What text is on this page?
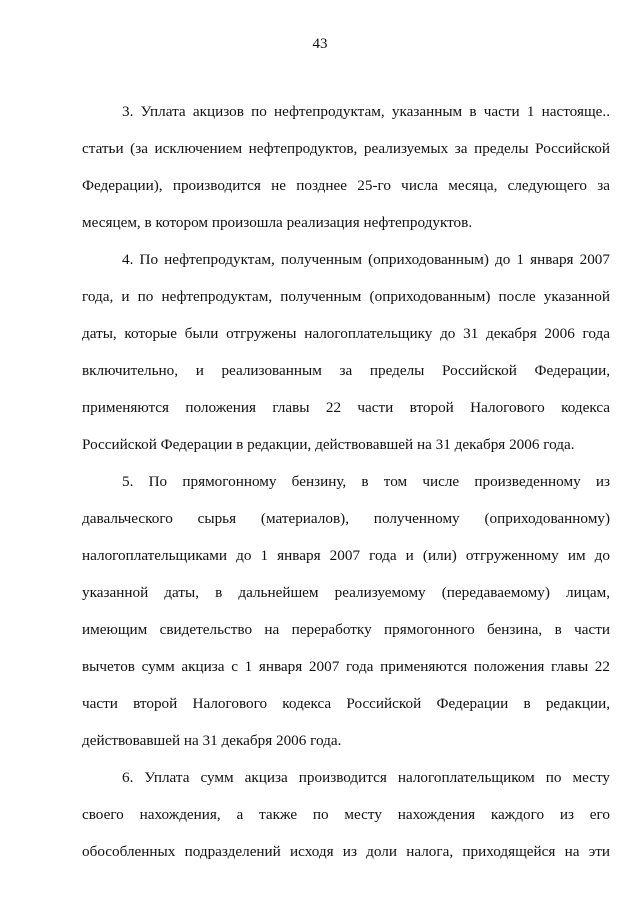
43
3. Уплата акцизов по нефтепродуктам, указанным в части 1 настояще..
статьи (за исключением нефтепродуктов, реализуемых за пределы Российской
Федерации), производится не позднее 25-го числа месяца, следующего за
месяцем, в котором произошла реализация нефтепродуктов.
4. По нефтепродуктам, полученным (оприходованным) до 1 января 2007
года, и по нефтепродуктам, полученным (оприходованным) после указанной
даты, которые были отгружены налогоплательщику до 31 декабря 2006 года
включительно, и реализованным за пределы Российской Федерации,
применяются положения главы 22 части второй Налогового кодекса
Российской Федерации в редакции, действовавшей на 31 декабря 2006 года.
5. По прямогонному бензину, в том числе произведенному из
давальческого сырья (материалов), полученному (оприходованному)
налогоплательщиками до 1 января 2007 года и (или) отгруженному им до
указанной даты, в дальнейшем реализуемому (передаваемому) лицам,
имеющим свидетельство на переработку прямогонного бензина, в части
вычетов сумм акциза с 1 января 2007 года применяются положения главы 22
части второй Налогового кодекса Российской Федерации в редакции,
действовавшей на 31 декабря 2006 года.
6. Уплата сумм акциза производится налогоплательщиком по месту
своего нахождения, а также по месту нахождения каждого из его
обособленных подразделений исходя из доли налога, приходящейся на эти
